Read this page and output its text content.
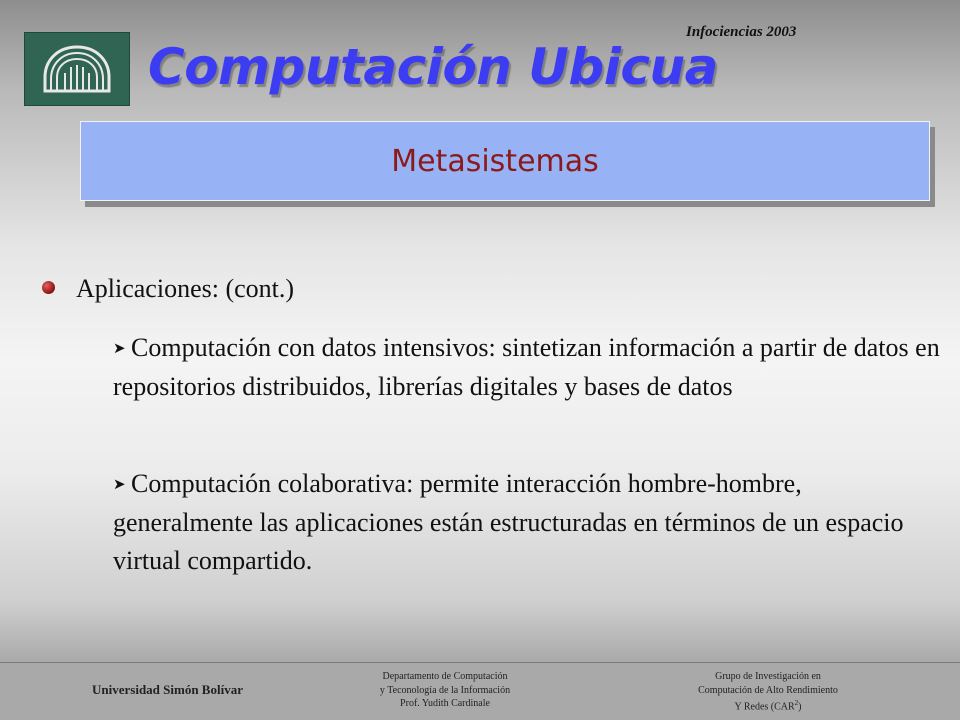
Infociencias 2003
Computación Ubicua
Metasistemas
Aplicaciones: (cont.)
➤ Computación con datos intensivos: sintetizan información a partir de datos en repositorios distribuidos, librerías digitales y bases de datos
➤ Computación colaborativa: permite interacción hombre-hombre, generalmente las aplicaciones están estructuradas en términos de un espacio virtual compartido.
Universidad Simón Bolívar
Departamento de Computación
y Teconología de la Información
Prof. Yudith Cardinale
Grupo de Investigación en
Computación de Alto Rendimiento
Y Redes (CAR$^2$)
